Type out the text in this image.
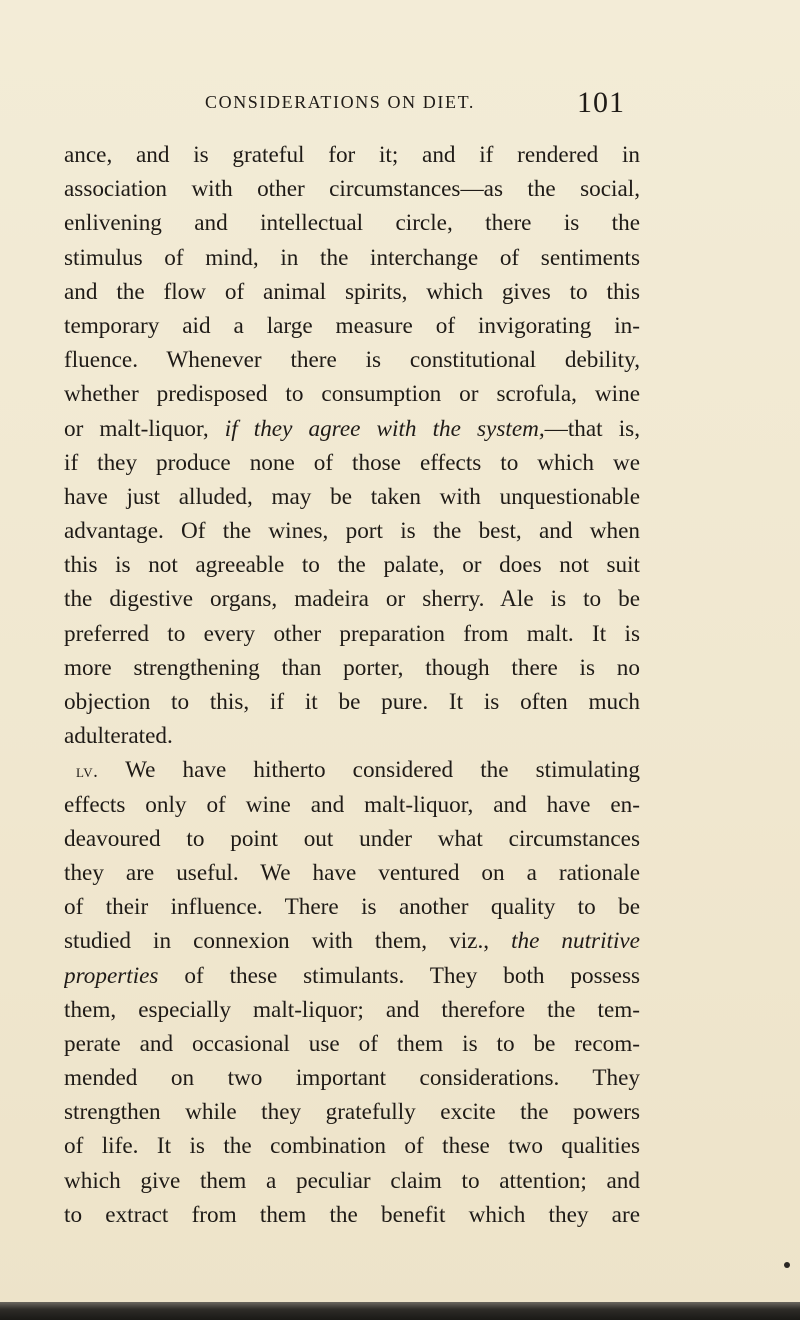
CONSIDERATIONS ON DIET.	101
ance, and is grateful for it; and if rendered in
association with other circumstances—as the social,
enlivening and intellectual circle, there is the
stimulus of mind, in the interchange of sentiments
and the flow of animal spirits, which gives to this
temporary aid a large measure of invigorating in-
fluence. Whenever there is constitutional debility,
whether predisposed to consumption or scrofula, wine
or malt-liquor, if they agree with the system,—that is,
if they produce none of those effects to which we
have just alluded, may be taken with unquestionable
advantage. Of the wines, port is the best, and when
this is not agreeable to the palate, or does not suit
the digestive organs, madeira or sherry. Ale is to be
preferred to every other preparation from malt. It is
more strengthening than porter, though there is no
objection to this, if it be pure. It is often much
adulterated.
lv. We have hitherto considered the stimulating
effects only of wine and malt-liquor, and have en-
deavoured to point out under what circumstances
they are useful. We have ventured on a rationale
of their influence. There is another quality to be
studied in connexion with them, viz., the nutritive
properties of these stimulants. They both possess
them, especially malt-liquor; and therefore the tem-
perate and occasional use of them is to be recom-
mended on two important considerations. They
strengthen while they gratefully excite the powers
of life. It is the combination of these two qualities
which give them a peculiar claim to attention; and
to extract from them the benefit which they are
